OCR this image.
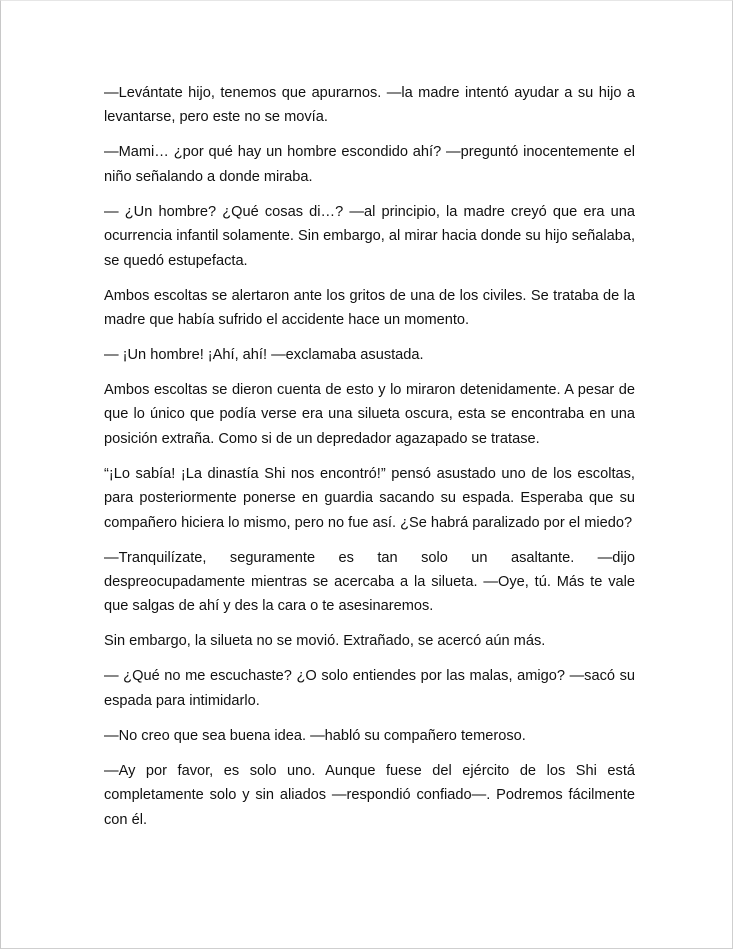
—Levántate hijo, tenemos que apurarnos. —la madre intentó ayudar a su hijo a levantarse, pero este no se movía.

—Mami… ¿por qué hay un hombre escondido ahí? —preguntó inocentemente el niño señalando a donde miraba.

— ¿Un hombre? ¿Qué cosas di…? —al principio, la madre creyó que era una ocurrencia infantil solamente. Sin embargo, al mirar hacia donde su hijo señalaba, se quedó estupefacta.

Ambos escoltas se alertaron ante los gritos de una de los civiles. Se trataba de la madre que había sufrido el accidente hace un momento.

— ¡Un hombre! ¡Ahí, ahí! —exclamaba asustada.

Ambos escoltas se dieron cuenta de esto y lo miraron detenidamente. A pesar de que lo único que podía verse era una silueta oscura, esta se encontraba en una posición extraña. Como si de un depredador agazapado se tratase.

“¡Lo sabía! ¡La dinastía Shi nos encontró!” pensó asustado uno de los escoltas, para posteriormente ponerse en guardia sacando su espada. Esperaba que su compañero hiciera lo mismo, pero no fue así. ¿Se habrá paralizado por el miedo?

—Tranquilízate, seguramente es tan solo un asaltante. —dijo despreocupadamente mientras se acercaba a la silueta. —Oye, tú. Más te vale que salgas de ahí y des la cara o te asesinaremos.

Sin embargo, la silueta no se movió. Extrañado, se acercó aún más.

— ¿Qué no me escuchaste? ¿O solo entiendes por las malas, amigo? —sacó su espada para intimidarlo.

—No creo que sea buena idea. —habló su compañero temeroso.

—Ay por favor, es solo uno. Aunque fuese del ejército de los Shi está completamente solo y sin aliados —respondió confiado—. Podremos fácilmente con él.
